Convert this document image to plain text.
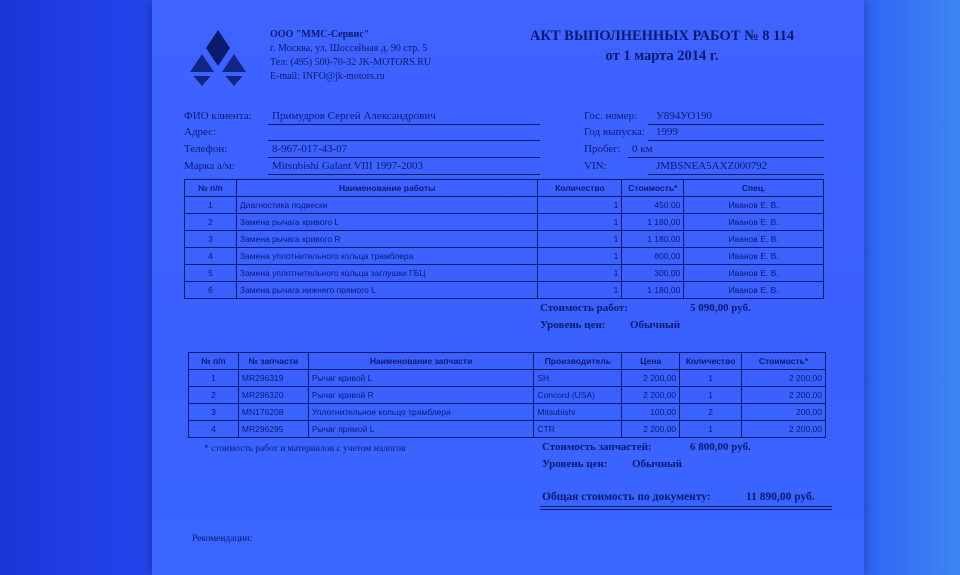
ООО "ММС-Сервис"
г. Москва, ул. Шоссейная д. 90 стр. 5
Тел: (495) 500-70-32 JK-MOTORS.RU
E-mail: INFO@jk-motors.ru
АКТ ВЫПОЛНЕННЫХ РАБОТ № 8 114
от 1 марта 2014 г.
ФИО клиента: Примудров Сергей Александрович
Адрес:
Телефон:	8-967-017-43-07
Марка а/м:	Mitsubishi Galant VIII 1997-2003
Гос. номер: У894УО190
Год выпуска: 1999
Пробег: 0 км
VIN:	JMBSNEA5AXZ000792
№ п/п	Наименование работы	Количество	Стоимость*	Спец.
1	Диагностика подвески	1	450,00	Иванов Е. В.
2	Замена рычага кривого L	1	1 180,00	Иванов Е. В.
3	Замена рычага кривого R	1	1 180,00	Иванов Е. В.
4	Замена уплотнительного кольца трамблера	1	800,00	Иванов Е. В.
5	Замена уплотнительного кольца заглушки ГБЦ	1	300,00	Иванов Е. В.
6	Замена рычага нижнего прямого L	1	1 180,00	Иванов Е. В.
Стоимость работ:	5 090,00 руб.
Уровень цен: Обычный
№ п/п	№ запчасти	Наименование запчасти	Производитель	Цена	Количество	Стоимость*
1	MR296319	Рычаг кривой L	SH	2 200,00	1	2 200,00
2	MR296320	Рычаг кривой R	Concord (USA)	2 200,00	1	2 200,00
3	MN176208	Уплотнительное кольцо трамблера	Mitsubishi	100,00	2	200,00
4	MR296295	Рычаг прямой L	CTR	2 200,00	1	2 200,00
* стоимость работ и материалов с учетом налогов	Стоимость запчастей:	6 800,00 руб.
Уровень цен: Обычный
Общая стоимость по документу:	11 890,00 руб.
Рекомендации:
